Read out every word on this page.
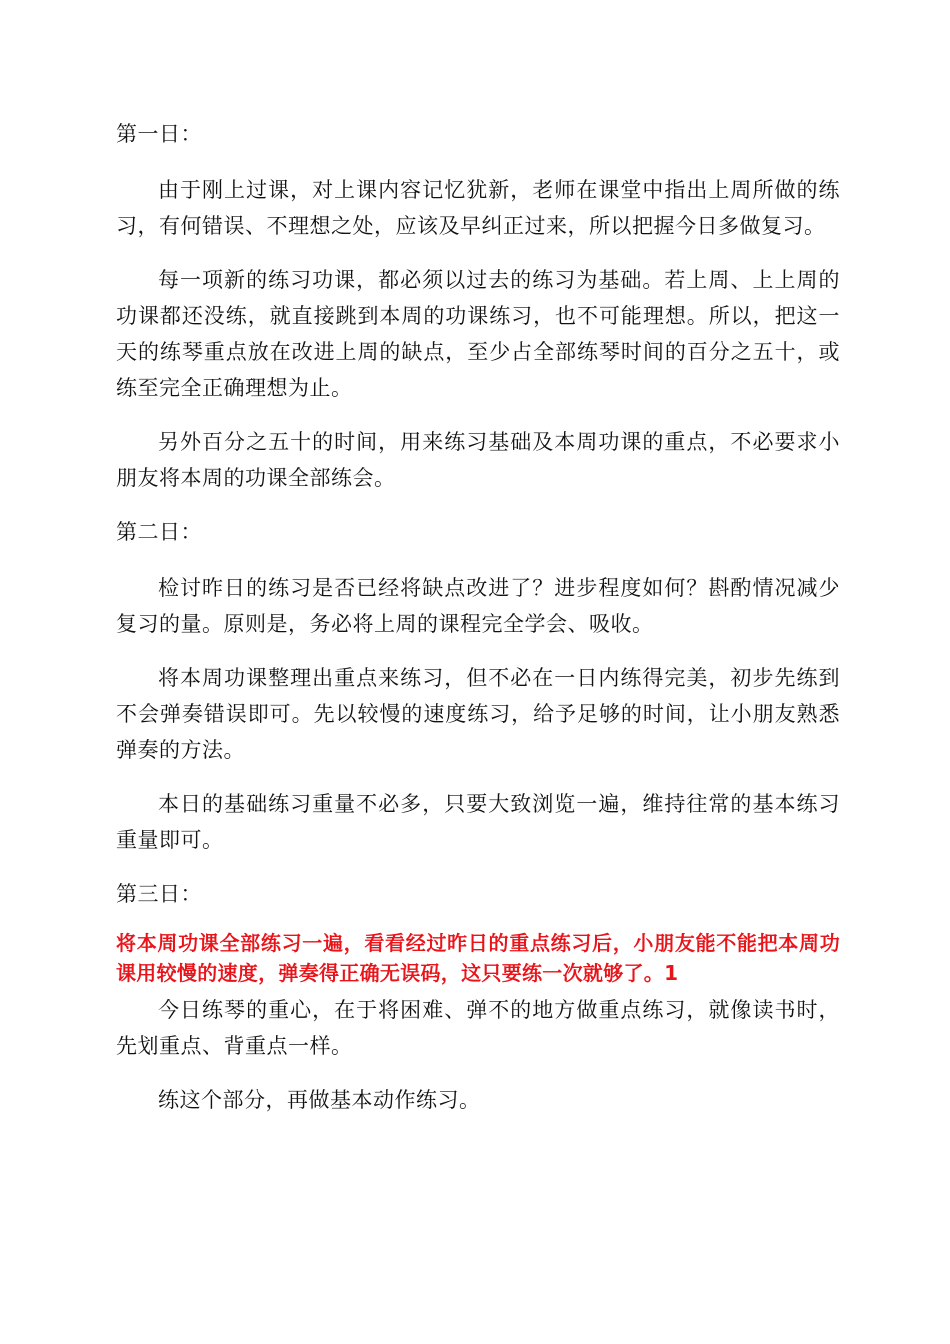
第一日：

由于刚上过课，对上课内容记忆犹新，老师在课堂中指出上周所做的练习，有何错误、不理想之处，应该及早纠正过来，所以把握今日多做复习。

每一项新的练习功课，都必须以过去的练习为基础。若上周、上上周的功课都还没练，就直接跳到本周的功课练习，也不可能理想。所以，把这一天的练琴重点放在改进上周的缺点，至少占全部练琴时间的百分之五十，或练至完全正确理想为止。

另外百分之五十的时间，用来练习基础及本周功课的重点，不必要求小朋友将本周的功课全部练会。

第二日：

检讨昨日的练习是否已经将缺点改进了？进步程度如何？斟酌情况减少复习的量。原则是，务必将上周的课程完全学会、吸收。

将本周功课整理出重点来练习，但不必在一日内练得完美，初步先练到不会弹奏错误即可。先以较慢的速度练习，给予足够的时间，让小朋友熟悉弹奏的方法。

本日的基础练习重量不必多，只要大致浏览一遍，维持往常的基本练习重量即可。

第三日：

将本周功课全部练习一遍，看看经过昨日的重点练习后，小朋友能不能把本周功课用较慢的速度，弹奏得正确无误码，这只要练一次就够了。1

今日练琴的重心，在于将困难、弹不的地方做重点练习，就像读书时，先划重点、背重点一样。

练这个部分，再做基本动作练习。
